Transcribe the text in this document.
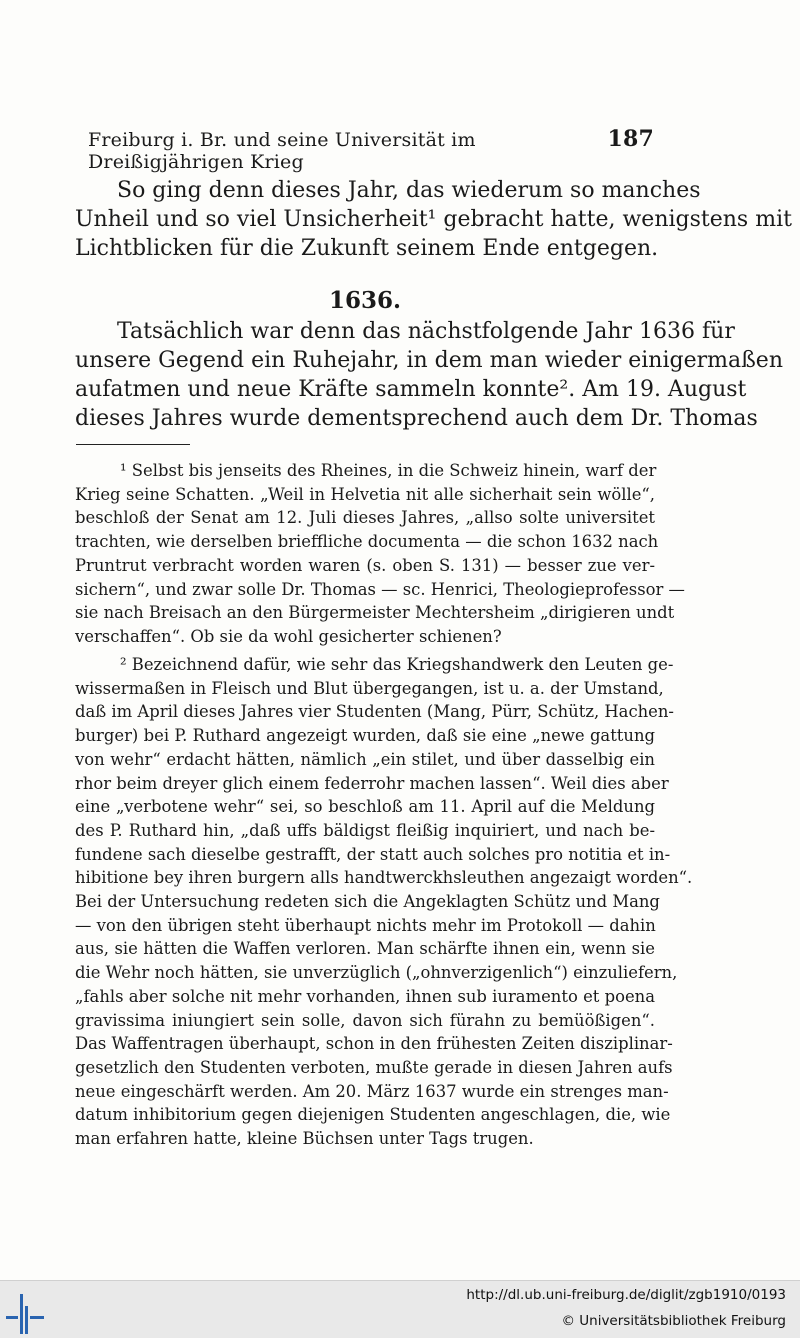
Freiburg i. Br. und seine Universität im Dreißigjährigen Krieg
187
So ging denn dieses Jahr, das wiederum so manches
Unheil und so viel Unsicherheit¹ gebracht hatte, wenigstens mit
Lichtblicken für die Zukunft seinem Ende entgegen.
1636.
Tatsächlich war denn das nächstfolgende Jahr 1636 für
unsere Gegend ein Ruhejahr, in dem man wieder einigermaßen
aufatmen und neue Kräfte sammeln konnte². Am 19. August
dieses Jahres wurde dementsprechend auch dem Dr. Thomas
¹ Selbst bis jenseits des Rheines, in die Schweiz hinein, warf der
Krieg seine Schatten. „Weil in Helvetia nit alle sicherhait sein wölle“,
beschloß der Senat am 12. Juli dieses Jahres, „allso solte universitet
trachten, wie derselben brieffliche documenta — die schon 1632 nach
Pruntrut verbracht worden waren (s. oben S. 131) — besser zue ver-
sichern“, und zwar solle Dr. Thomas — sc. Henrici, Theologieprofessor —
sie nach Breisach an den Bürgermeister Mechtersheim „dirigieren undt
verschaffen“. Ob sie da wohl gesicherter schienen?
² Bezeichnend dafür, wie sehr das Kriegshandwerk den Leuten ge-
wissermaßen in Fleisch und Blut übergegangen, ist u. a. der Umstand,
daß im April dieses Jahres vier Studenten (Mang, Pürr, Schütz, Hachen-
burger) bei P. Ruthard angezeigt wurden, daß sie eine „newe gattung
von wehr“ erdacht hätten, nämlich „ein stilet, und über dasselbig ein
rhor beim dreyer glich einem federrohr machen lassen“. Weil dies aber
eine „verbotene wehr“ sei, so beschloß am 11. April auf die Meldung
des P. Ruthard hin, „daß uffs bäldigst fleißig inquiriert, und nach be-
fundene sach dieselbe gestrafft, der statt auch solches pro notitia et in-
hibitione bey ihren burgern alls handtwerckhsleuthen angezaigt worden“.
Bei der Untersuchung redeten sich die Angeklagten Schütz und Mang
— von den übrigen steht überhaupt nichts mehr im Protokoll — dahin
aus, sie hätten die Waffen verloren. Man schärfte ihnen ein, wenn sie
die Wehr noch hätten, sie unverzüglich („ohnverzigenlich“) einzuliefern,
„fahls aber solche nit mehr vorhanden, ihnen sub iuramento et poena
gravissima iniungiert sein solle, davon sich fürahn zu bemüößigen“.
Das Waffentragen überhaupt, schon in den frühesten Zeiten disziplinar-
gesetzlich den Studenten verboten, mußte gerade in diesen Jahren aufs
neue eingeschärft werden. Am 20. März 1637 wurde ein strenges man-
datum inhibitorium gegen diejenigen Studenten angeschlagen, die, wie
man erfahren hatte, kleine Büchsen unter Tags trugen.
http://dl.ub.uni-freiburg.de/diglit/zgb1910/0193
© Universitätsbibliothek Freiburg
